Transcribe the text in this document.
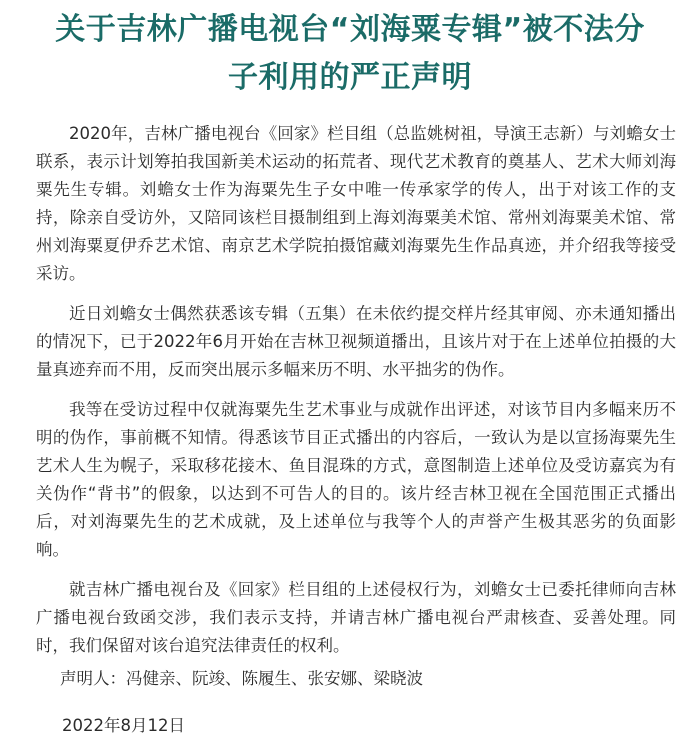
关于吉林广播电视台“刘海粟专辑”被不法分
子利用的严正声明

2020年，吉林广播电视台《回家》栏目组（总监姚树祖，导演王志新）与刘蟾女士联系，表示计划筹拍我国新美术运动的拓荒者、现代艺术教育的奠基人、艺术大师刘海粟先生专辑。刘蟾女士作为海粟先生子女中唯一传承家学的传人，出于对该工作的支持，除亲自受访外，又陪同该栏目摄制组到上海刘海粟美术馆、常州刘海粟美术馆、常州刘海粟夏伊乔艺术馆、南京艺术学院拍摄馆藏刘海粟先生作品真迹，并介绍我等接受采访。

近日刘蟾女士偶然获悉该专辑（五集）在未依约提交样片经其审阅、亦未通知播出的情况下，已于2022年6月开始在吉林卫视频道播出，且该片对于在上述单位拍摄的大量真迹弃而不用，反而突出展示多幅来历不明、水平拙劣的伪作。

我等在受访过程中仅就海粟先生艺术事业与成就作出评述，对该节目内多幅来历不明的伪作，事前概不知情。得悉该节目正式播出的内容后，一致认为是以宣扬海粟先生艺术人生为幌子，采取移花接木、鱼目混珠的方式，意图制造上述单位及受访嘉宾为有关伪作“背书”的假象，以达到不可告人的目的。该片经吉林卫视在全国范围正式播出后，对刘海粟先生的艺术成就，及上述单位与我等个人的声誉产生极其恶劣的负面影响。

就吉林广播电视台及《回家》栏目组的上述侵权行为，刘蟾女士已委托律师向吉林广播电视台致函交涉，我们表示支持，并请吉林广播电视台严肃核查、妥善处理。同时，我们保留对该台追究法律责任的权利。

声明人：冯健亲、阮竣、陈履生、张安娜、梁晓波
2022年8月12日
